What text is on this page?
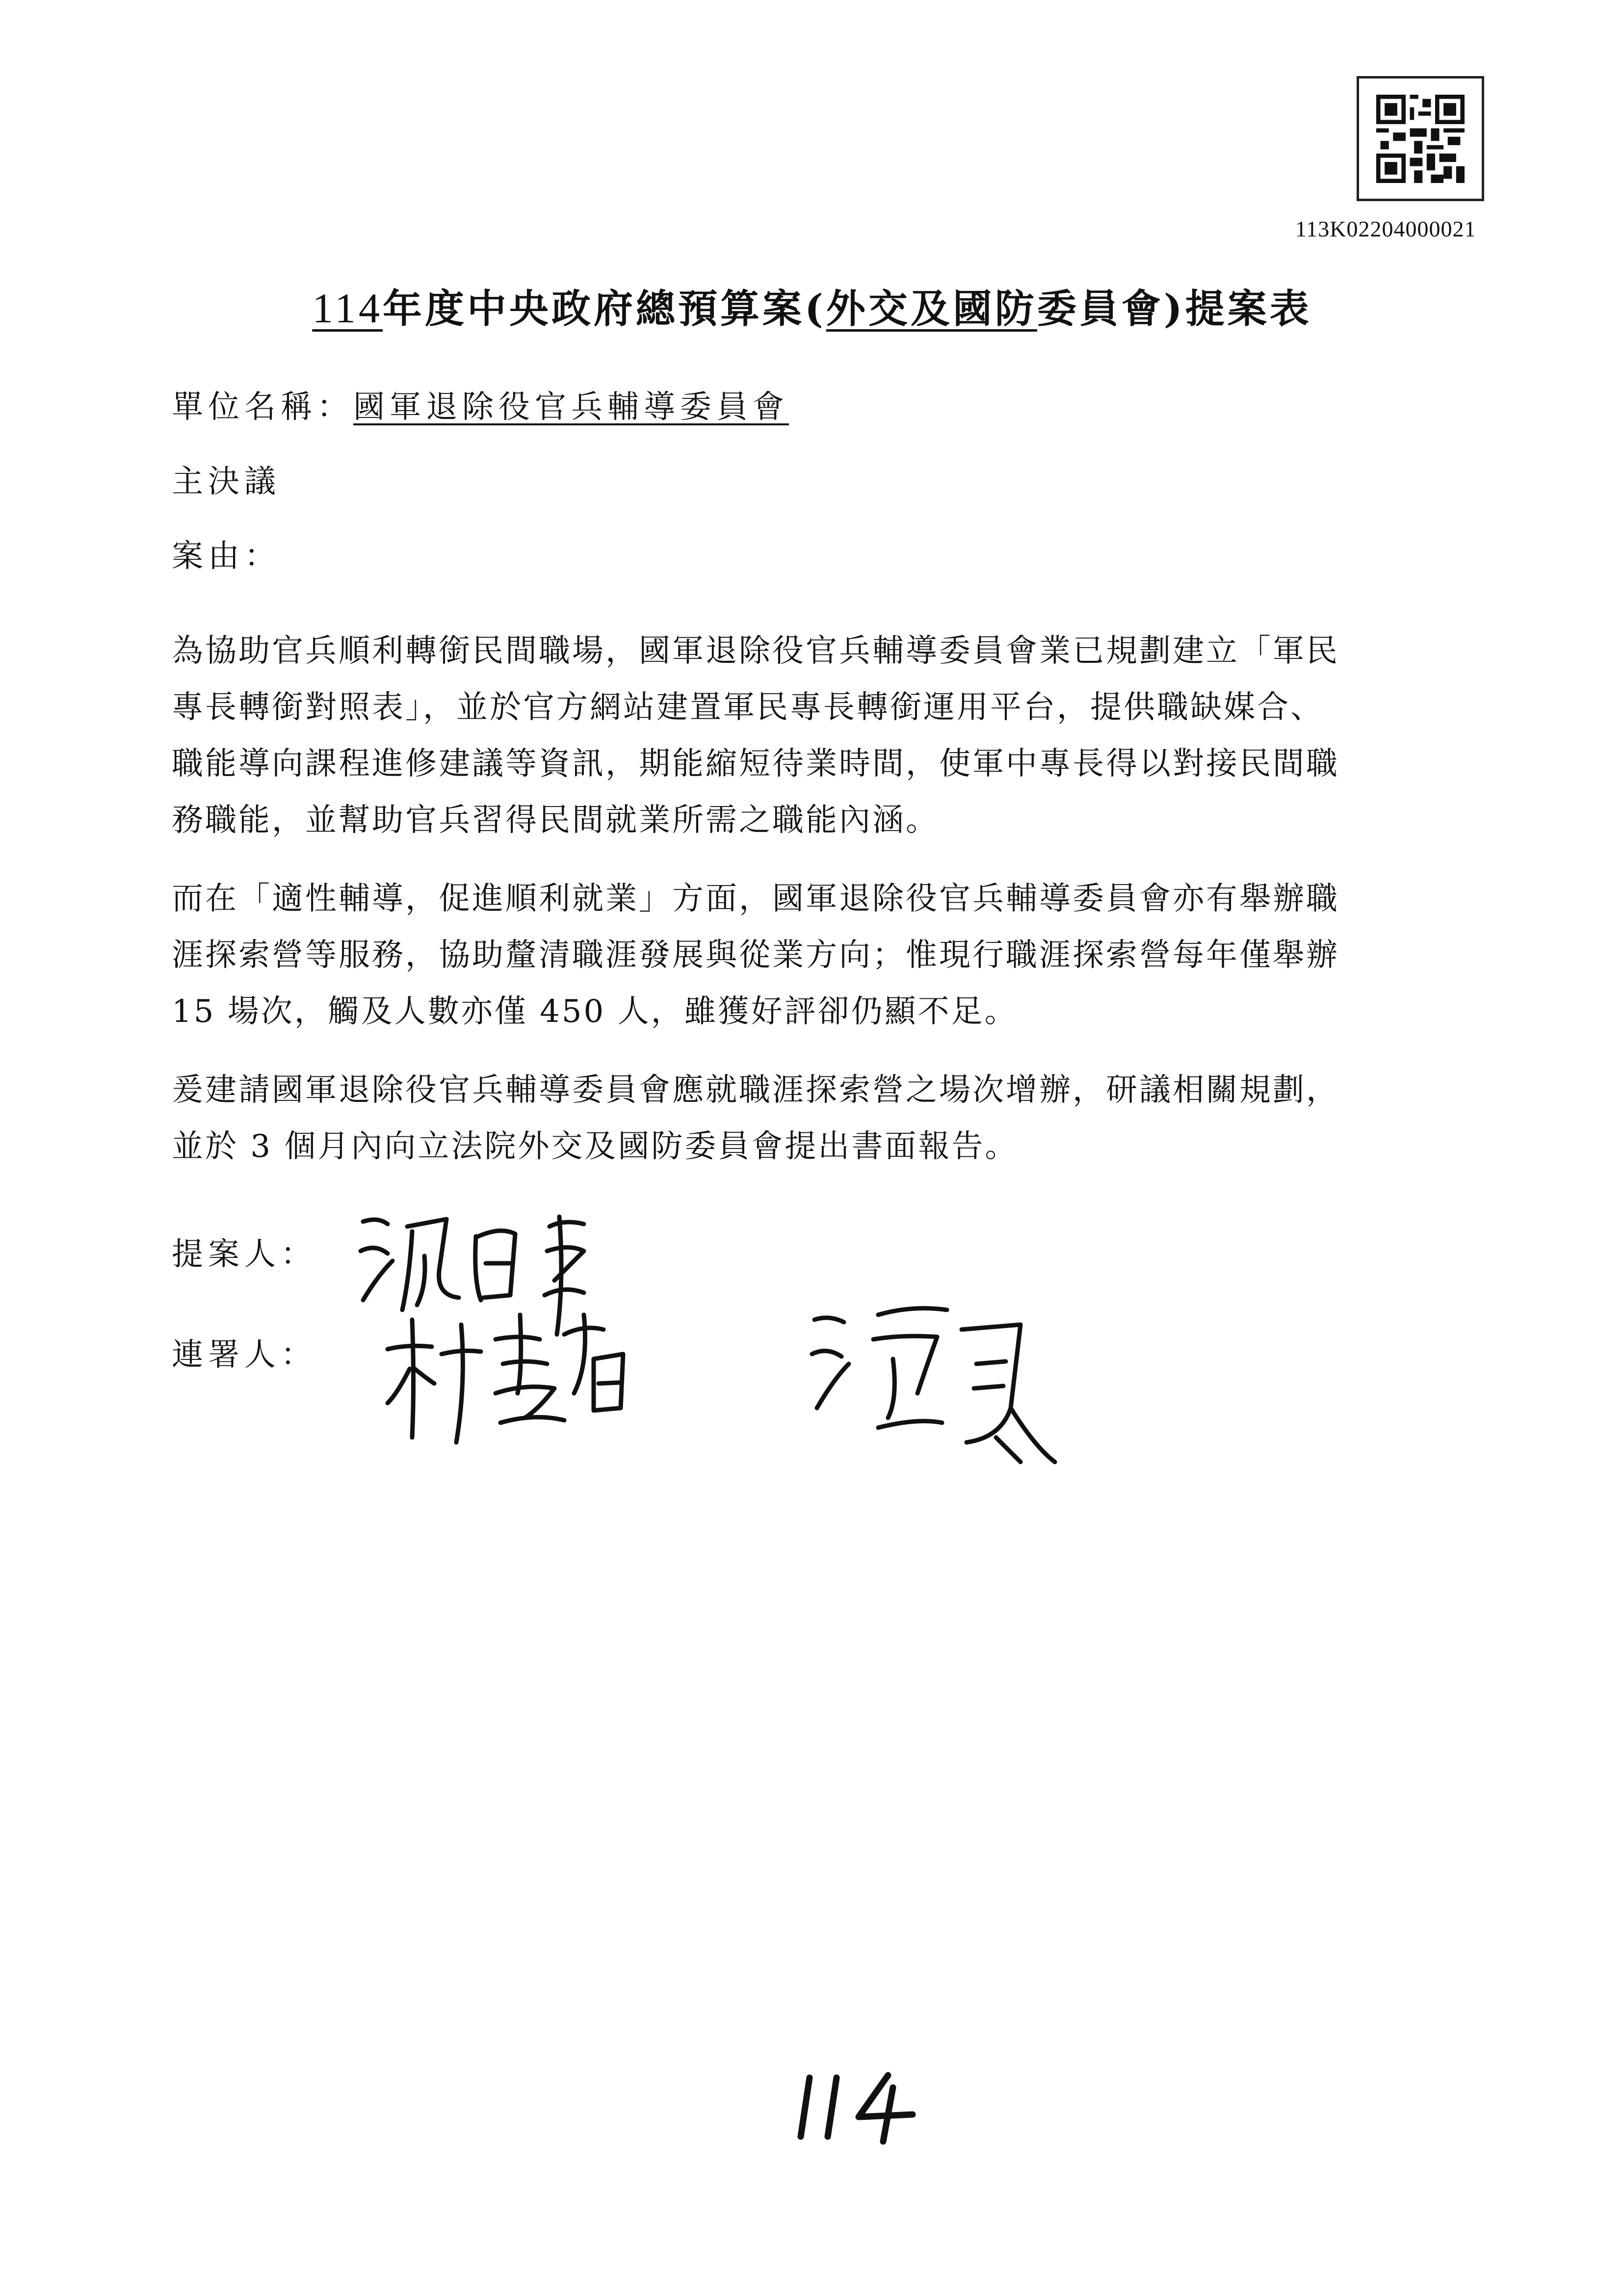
113K02204000021
114年度中央政府總預算案(外交及國防委員會)提案表
單位名稱：國軍退除役官兵輔導委員會
主決議
案由：
為協助官兵順利轉銜民間職場，國軍退除役官兵輔導委員會業已規劃建立「軍民
專長轉銜對照表」，並於官方網站建置軍民專長轉銜運用平台，提供職缺媒合、
職能導向課程進修建議等資訊，期能縮短待業時間，使軍中專長得以對接民間職
務職能，並幫助官兵習得民間就業所需之職能內涵。
而在「適性輔導，促進順利就業」方面，國軍退除役官兵輔導委員會亦有舉辦職
涯探索營等服務，協助釐清職涯發展與從業方向；惟現行職涯探索營每年僅舉辦
15 場次，觸及人數亦僅 450 人，雖獲好評卻仍顯不足。
爰建請國軍退除役官兵輔導委員會應就職涯探索營之場次增辦，研議相關規劃，
並於 3 個月內向立法院外交及國防委員會提出書面報告。
提案人：
連署人：
